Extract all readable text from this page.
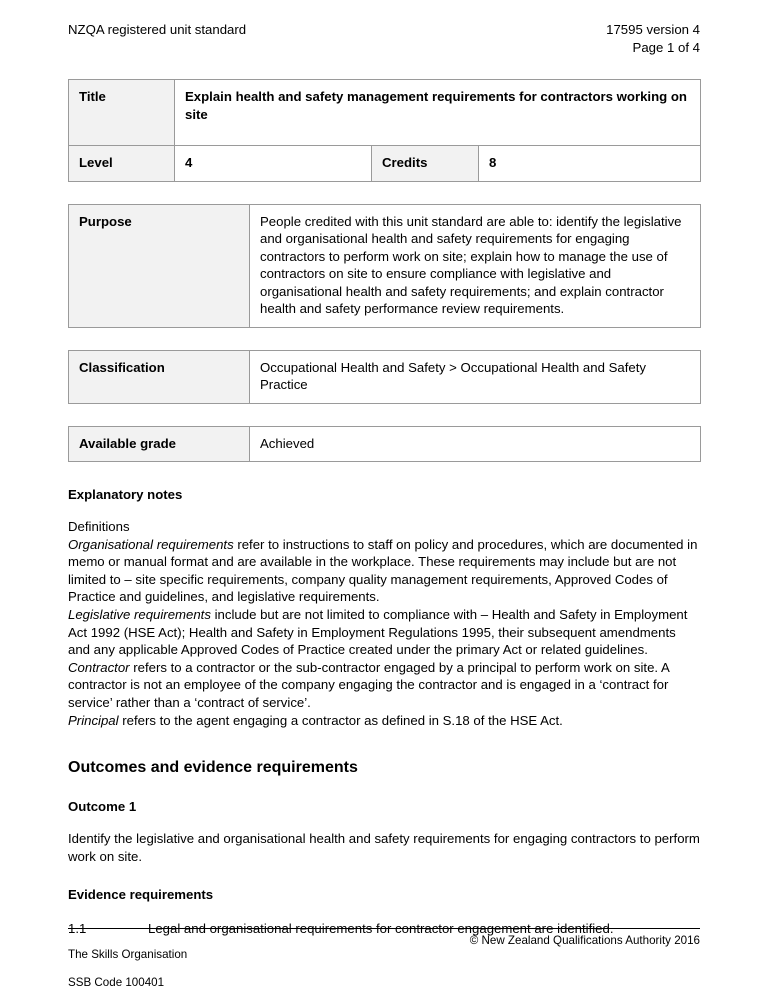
NZQA registered unit standard	17595 version 4
Page 1 of 4
Title	Explain health and safety management requirements for contractors working on site		
Level	4	Credits	8
Purpose	People credited with this unit standard are able to: identify the legislative and organisational health and safety requirements for engaging contractors to perform work on site; explain how to manage the use of contractors on site to ensure compliance with legislative and organisational health and safety requirements; and explain contractor health and safety performance review requirements.
Classification	Occupational Health and Safety > Occupational Health and Safety Practice
Available grade	Achieved
Explanatory notes

Definitions

Organisational requirements refer to instructions to staff on policy and procedures, which are documented in memo or manual format and are available in the workplace. These requirements may include but are not limited to – site specific requirements, company quality management requirements, Approved Codes of Practice and guidelines, and legislative requirements.

Legislative requirements include but are not limited to compliance with – Health and Safety in Employment Act 1992 (HSE Act); Health and Safety in Employment Regulations 1995, their subsequent amendments and any applicable Approved Codes of Practice created under the primary Act or related guidelines.

Contractor refers to a contractor or the sub-contractor engaged by a principal to perform work on site. A contractor is not an employee of the company engaging the contractor and is engaged in a ‘contract for service’ rather than a ‘contract of service’.

Principal refers to the agent engaging a contractor as defined in S.18 of the HSE Act.

Outcomes and evidence requirements
Outcome 1
Identify the legislative and organisational health and safety requirements for engaging contractors to perform work on site.
Evidence requirements
1.1	Legal and organisational requirements for contractor engagement are identified.

The Skills Organisation

SSB Code 100401

© New Zealand Qualifications Authority 2016
